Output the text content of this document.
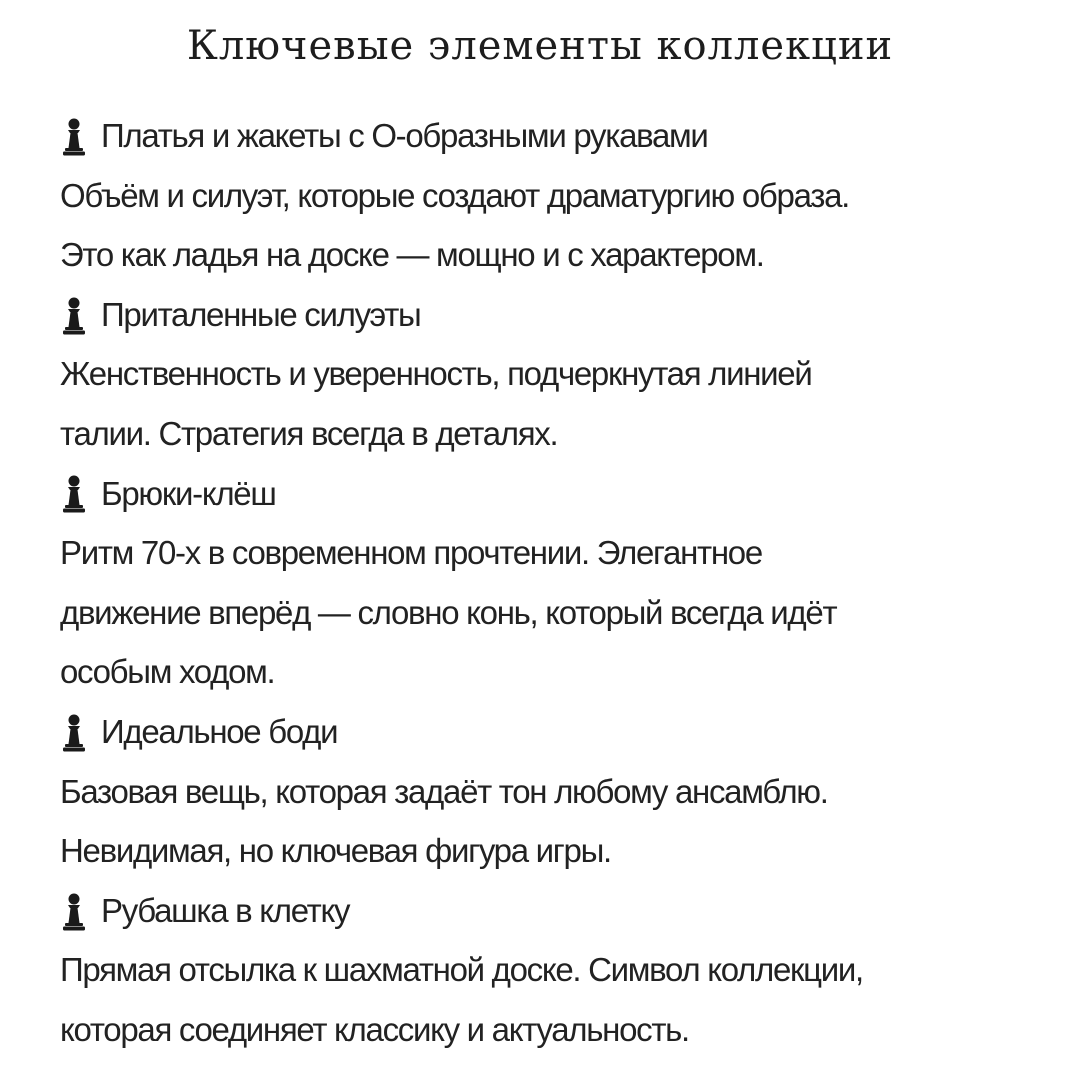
Ключевые элементы коллекции
Платья и жакеты с О-образными рукавами
Объём и силуэт, которые создают драматургию образа.
Это как ладья на доске — мощно и с характером.
Приталенные силуэты
Женственность и уверенность, подчеркнутая линией
талии. Стратегия всегда в деталях.
Брюки-клёш
Ритм 70-х в современном прочтении. Элегантное
движение вперёд — словно конь, который всегда идёт
особым ходом.
Идеальное боди
Базовая вещь, которая задаёт тон любому ансамблю.
Невидимая, но ключевая фигура игры.
Рубашка в клетку
Прямая отсылка к шахматной доске. Символ коллекции,
которая соединяет классику и актуальность.
